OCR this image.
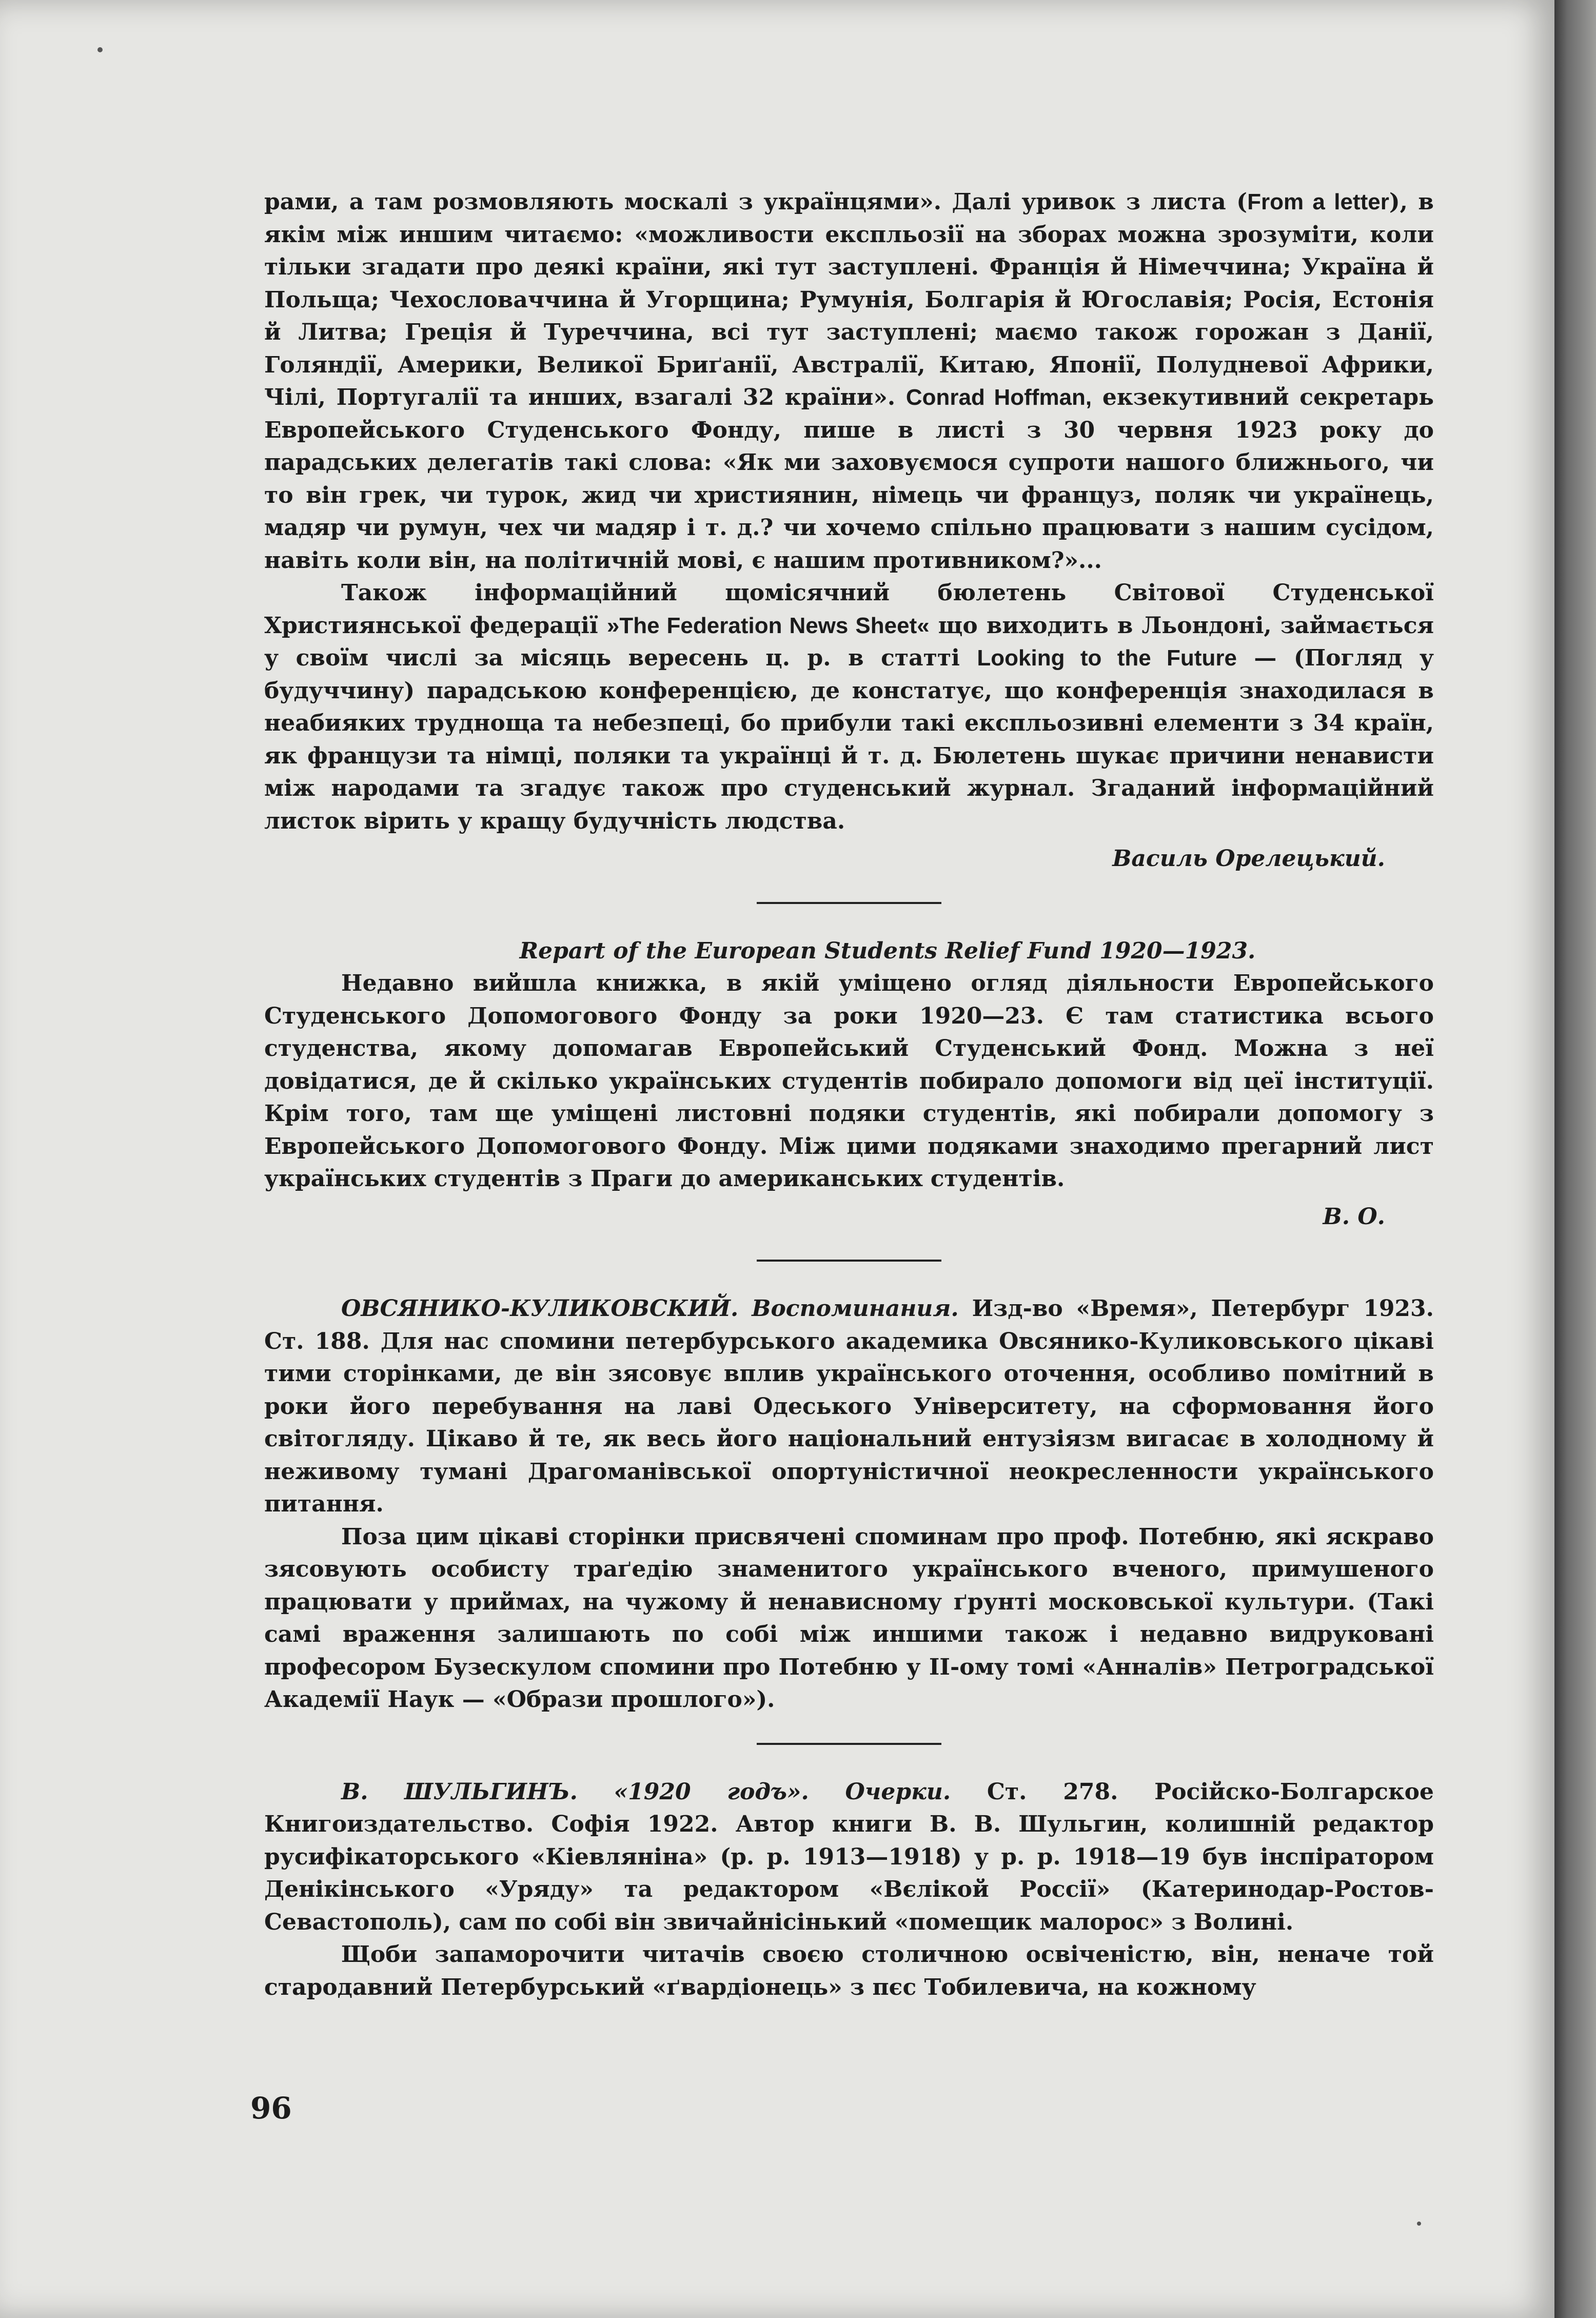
рами, а там розмовляють москалі з українцями». Далі уривок з листа (From a letter), в якім між иншим читаємо: «можливости експльозії на зборах можна зрозуміти, коли тільки згадати про деякі країни, які тут заступлені. Франція й Німеччина; Україна й Польща; Чехословаччина й Угорщина; Румунія, Болгарія й Югославія; Росія, Естонія й Литва; Греція й Туреччина, всі тут заступлені; маємо також горожан з Данії, Голяндії, Америки, Великої Бриґанії, Австралії, Китаю, Японії, Полудневої Африки, Чілі, Португалії та инших, взагалі 32 країни». Conrad Hoffman, екзекутивний секретарь Европейського Студенського Фонду, пише в листі з 30 червня 1923 року до парадських делегатів такі слова: «Як ми заховуємося супроти нашого ближнього, чи то він грек, чи турок, жид чи християнин, німець чи француз, поляк чи українець, мадяр чи румун, чех чи мадяр і т. д.? чи хочемо спільно працювати з нашим сусідом, навіть коли він, на політичній мові, є нашим противником?»...

Також інформаційний щомісячний бюлетень Світової Студенської Християнської федерації »The Federation News Sheet« що виходить в Льондоні, займається у своїм числі за місяць вересень ц. р. в статті Looking to the Future — (Погляд у будуччину) парадською конференцією, де констатує, що конференція знаходилася в неабияких трудноща та небезпеці, бо прибули такі експльозивні елементи з 34 країн, як французи та німці, поляки та українці й т. д. Бюлетень шукає причини ненависти між народами та згадує також про студенський журнал. Згаданий інформаційний листок вірить у кращу будучність людства.

Василь Орелецький.

Repart of the European Students Relief Fund 1920—1923.

Недавно вийшла книжка, в якій уміщено огляд діяльности Европейського Студенського Допомогового Фонду за роки 1920—23. Є там статистика всього студенства, якому допомагав Европейський Студенський Фонд. Можна з неї довідатися, де й скілько українських студентів побирало допомоги від цеї інституції. Крім того, там ще уміщені листовні подяки студентів, які побирали допомогу з Европейського Допомогового Фонду. Між цими подяками знаходимо прегарний лист українських студентів з Праги до американських студентів.

В. О.

ОВСЯНИКО-КУЛИКОВСКИЙ. Воспоминания. Изд-во «Время», Петербург 1923. Ст. 188. Для нас спомини петербурського академика Овсянико-Куликовського цікаві тими сторінками, де він зясовує вплив українського оточення, особливо помітний в роки його перебування на лаві Одеського Університету, на сформовання його світогляду. Цікаво й те, як весь його національний ентузіязм вигасає в холодному й неживому тумані Драгоманівської опортуністичної неокресленности українського питання.

Поза цим цікаві сторінки присвячені споминам про проф. Потебню, які яскраво зясовують особисту траґедію знаменитого українського вченого, примушеного працювати у приймах, на чужому й ненависному ґрунті московської культури. (Такі самі враження залишають по собі між иншими також і недавно видруковані професором Бузескулом спомини про Потебню у II-ому томі «Анналів» Петроградської Академії Наук — «Образи прошлого»).

В. ШУЛЬГИНЪ. «1920 годъ». Очерки. Ст. 278. Російско-Болгарское Книгоиздательство. Софія 1922. Автор книги В. В. Шульгин, колишній редактор русифікаторського «Кіевляніна» (р. р. 1913—1918) у р. р. 1918—19 був інспіратором Денікінського «Уряду» та редактором «Вєлікой Россії» (Катеринодар-Ростов-Севастополь), сам по собі він звичайнісінький «помещик малорос» з Волині.

Щоби запаморочити читачів своєю столичною освіченістю, він, неначе той стародавний Петербурський «ґвардіонець» з пєс Тобилевича, на кожному

96
